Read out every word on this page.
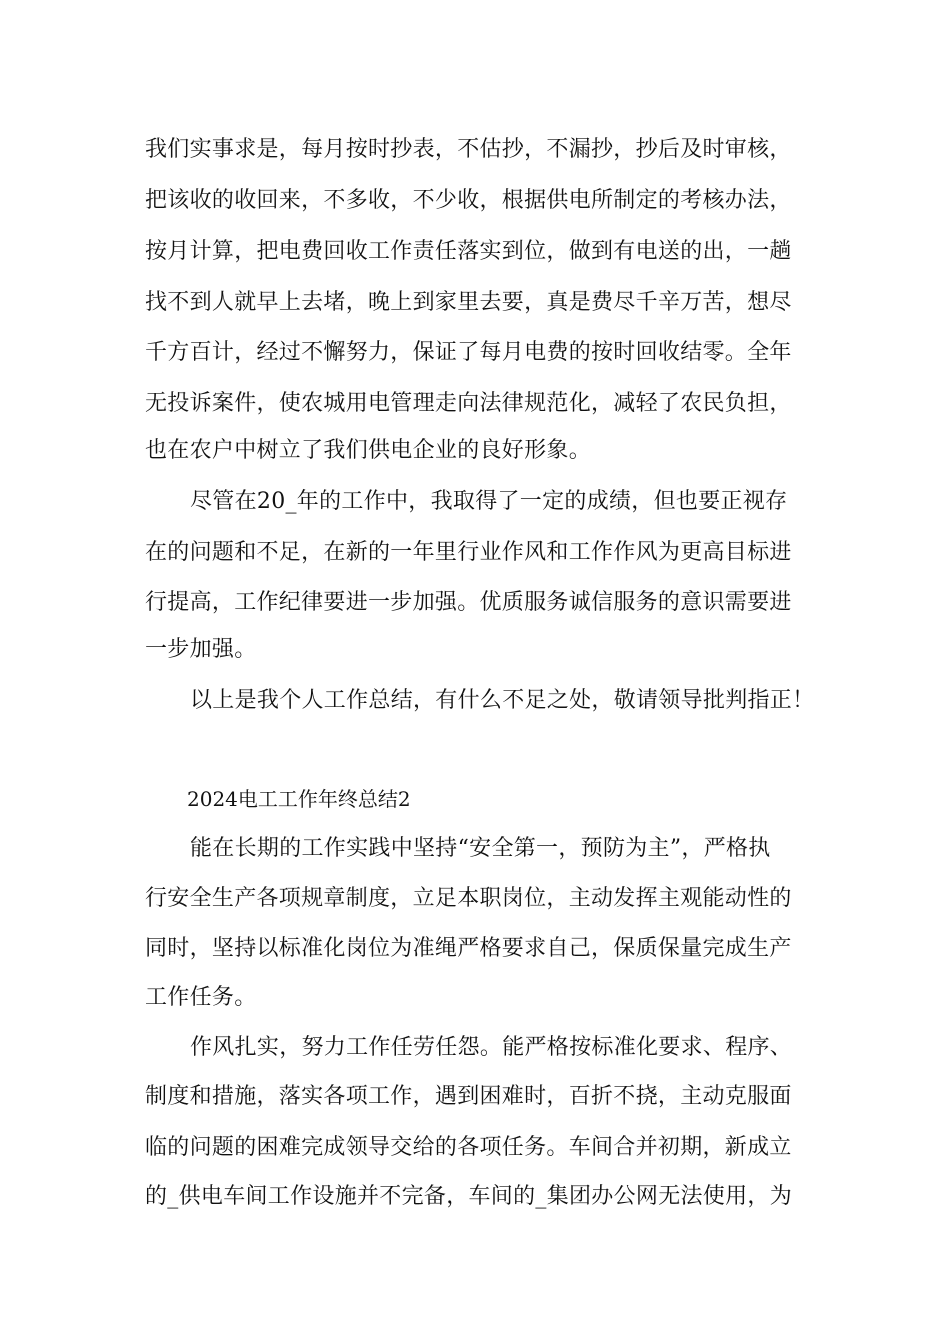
我们实事求是，每月按时抄表，不估抄，不漏抄，抄后及时审核，
把该收的收回来，不多收，不少收，根据供电所制定的考核办法，
按月计算，把电费回收工作责任落实到位，做到有电送的出，一趟
找不到人就早上去堵，晚上到家里去要，真是费尽千辛万苦，想尽
千方百计，经过不懈努力，保证了每月电费的按时回收结零。全年
无投诉案件，使农城用电管理走向法律规范化，减轻了农民负担，
也在农户中树立了我们供电企业的良好形象。
尽管在20_年的工作中，我取得了一定的成绩，但也要正视存
在的问题和不足，在新的一年里行业作风和工作作风为更高目标进
行提高，工作纪律要进一步加强。优质服务诚信服务的意识需要进
一步加强。
以上是我个人工作总结，有什么不足之处，敬请领导批判指正！
2024电工工作年终总结2
能在长期的工作实践中坚持“安全第一，预防为主”，严格执
行安全生产各项规章制度，立足本职岗位，主动发挥主观能动性的
同时，坚持以标准化岗位为准绳严格要求自己，保质保量完成生产
工作任务。
作风扎实，努力工作任劳任怨。能严格按标准化要求、程序、
制度和措施，落实各项工作，遇到困难时，百折不挠，主动克服面
临的问题的困难完成领导交给的各项任务。车间合并初期，新成立
的_供电车间工作设施并不完备，车间的_集团办公网无法使用，为
